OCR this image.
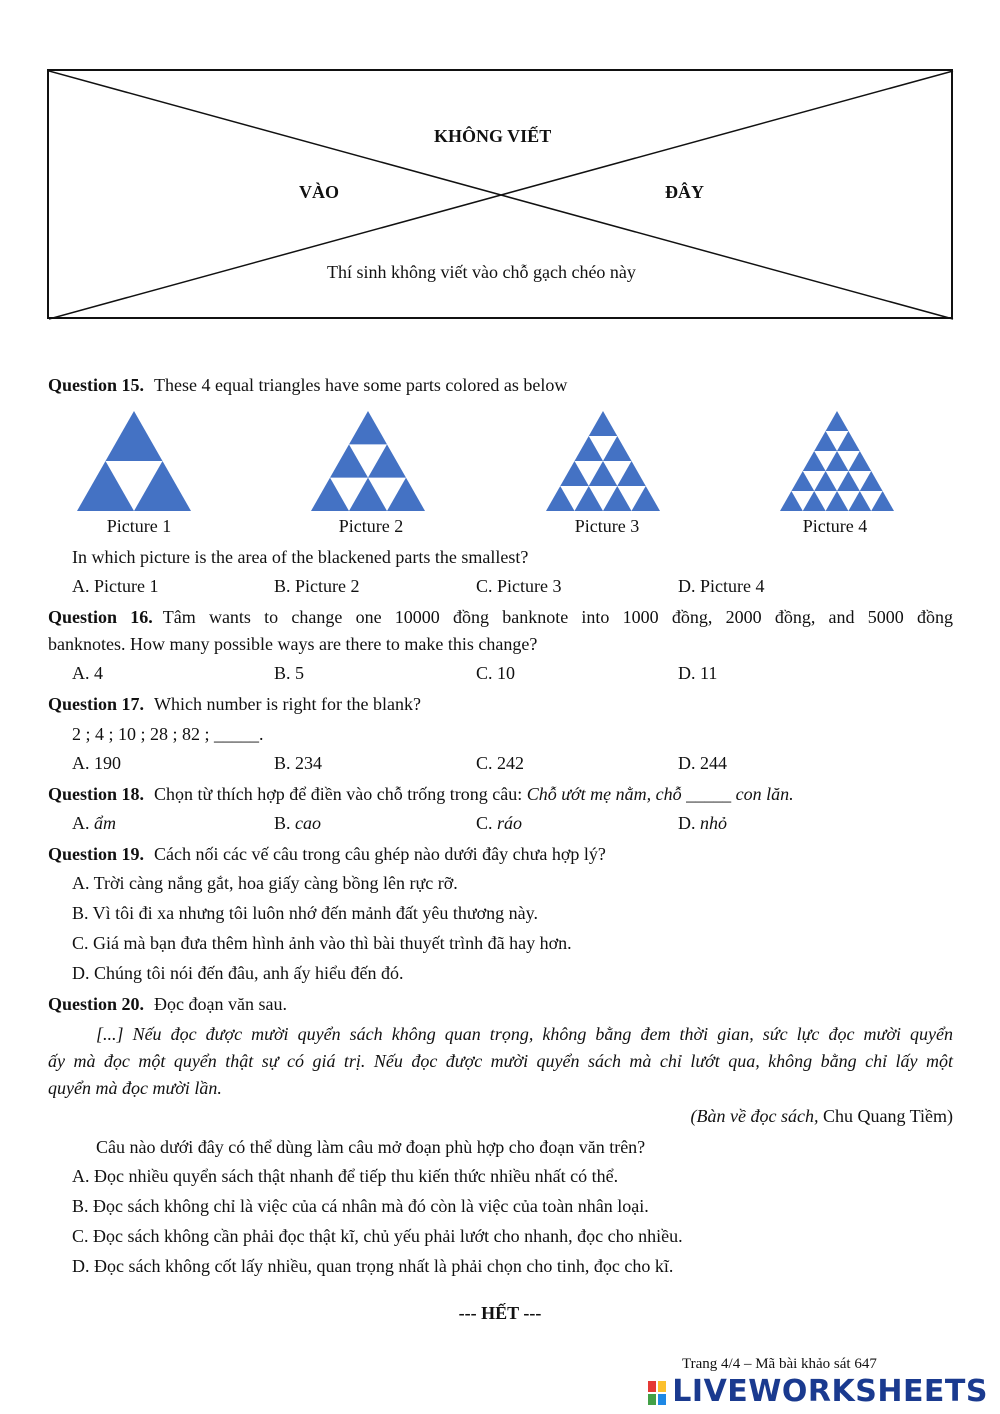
KHÔNG VIẾT
VÀO	ĐÂY
Thí sinh không viết vào chỗ gạch chéo này
Question 15. These 4 equal triangles have some parts colored as below
Picture 1	Picture 2	Picture 3	Picture 4
In which picture is the area of the blackened parts the smallest?
A. Picture 1	B. Picture 2	C. Picture 3	D. Picture 4
Question 16. Tâm wants to change one 10000 đồng banknote into 1000 đồng, 2000 đồng, and 5000 đồng
banknotes. How many possible ways are there to make this change?
A. 4	B. 5	C. 10	D. 11
Question 17. Which number is right for the blank?
2 ; 4 ; 10 ; 28 ; 82 ; _____.
A. 190	B. 234	C. 242	D. 244
Question 18. Chọn từ thích hợp để điền vào chỗ trống trong câu: Chỗ ướt mẹ nằm, chỗ _____ con lăn.
A. ẩm	B. cao	C. ráo	D. nhỏ
Question 19. Cách nối các vế câu trong câu ghép nào dưới đây chưa hợp lý?
A. Trời càng nắng gắt, hoa giấy càng bồng lên rực rỡ.
B. Vì tôi đi xa nhưng tôi luôn nhớ đến mảnh đất yêu thương này.
C. Giá mà bạn đưa thêm hình ảnh vào thì bài thuyết trình đã hay hơn.
D. Chúng tôi nói đến đâu, anh ấy hiểu đến đó.
Question 20. Đọc đoạn văn sau.
[...] Nếu đọc được mười quyển sách không quan trọng, không bằng đem thời gian, sức lực đọc mười quyển
ấy mà đọc một quyển thật sự có giá trị. Nếu đọc được mười quyển sách mà chỉ lướt qua, không bằng chỉ lấy một
quyển mà đọc mười lần.
(Bàn về đọc sách, Chu Quang Tiềm)
Câu nào dưới đây có thể dùng làm câu mở đoạn phù hợp cho đoạn văn trên?
A. Đọc nhiều quyển sách thật nhanh để tiếp thu kiến thức nhiều nhất có thể.
B. Đọc sách không chỉ là việc của cá nhân mà đó còn là việc của toàn nhân loại.
C. Đọc sách không cần phải đọc thật kĩ, chủ yếu phải lướt cho nhanh, đọc cho nhiều.
D. Đọc sách không cốt lấy nhiều, quan trọng nhất là phải chọn cho tinh, đọc cho kĩ.
--- HẾT ---
Trang 4/4 – Mã bài khảo sát 647
LIVEWORKSHEETS
